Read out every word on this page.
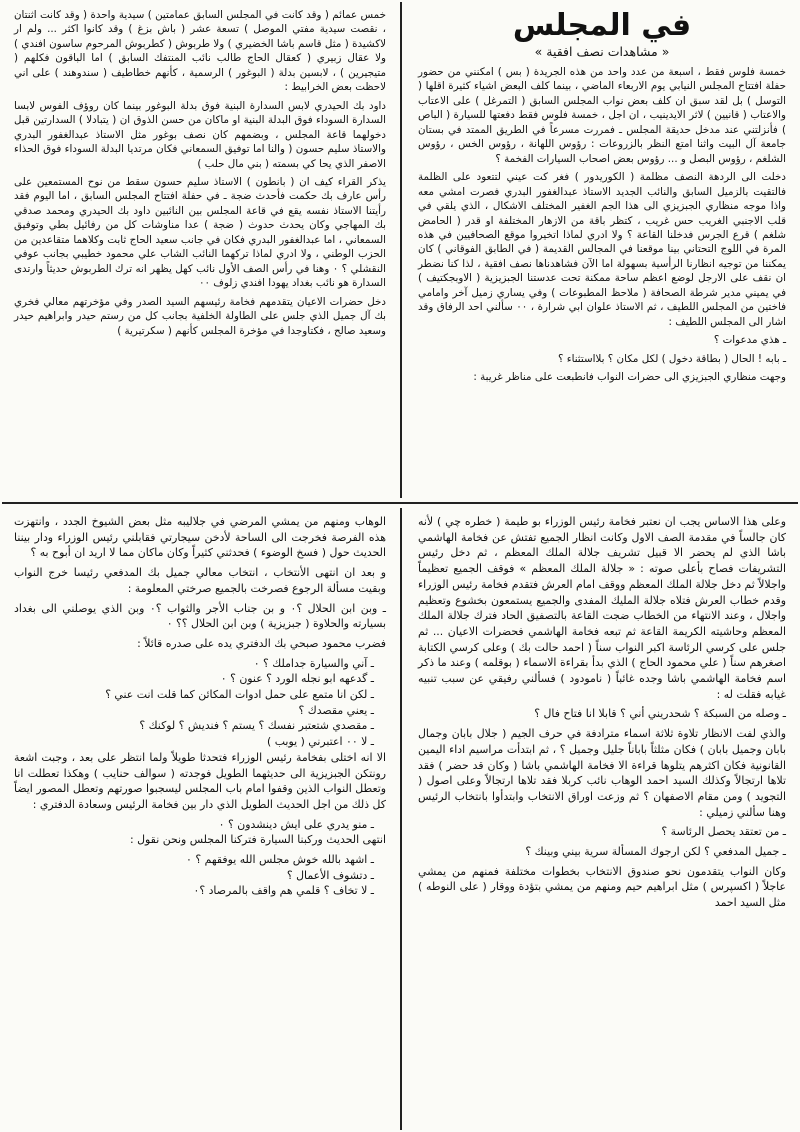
في المجلس
« مشاهدات نصف افقية »

خمسة فلوس فقط ، اسبعة من عدد واحد من هذه الجريدة ( بس ) امكنني من حضور حفلة افتتاح المجلس النيابي يوم الاربعاء الماضي ، بينما كلف البعض اشياء كثيرة اقلها ( التوسل ) بل لقد سبق ان كلف بعض نواب المجلس السابق ( التمرغل ) على الاعتاب والاعتاب ( قانيين ) لاثر الايدينيب ، ان اجل ، خمسة فلوس فقط دفعتها للسيارة ( الباص ) فأنزلتني عند مدخل حديقة المجلس ـ فمررت مسرعاً في الطريق الممتد في بستان جامعة آل البيت واثنا امتع النظر بالزروعات : رؤوس اللهانة ، رؤوس الخس ، رؤوس الشلغم ، رؤوس البصل و ... رؤوس بعض اصحاب السيارات الفخمة ؟

دخلت الى الردهة النصف مظلمة ( الكوريدور ) فغر كت عيني لتتعود على الظلمة فالتقيت بالزميل السابق والنائب الجديد الاستاذ عبدالغفور البدري فصرت امشي معه واذا موجه منظاري الجبزيزي الى هذا الجم الغفير المختلف الاشكال ، الذي يلقي في قلب الاجنبي الغريب حس غريب ، كتظر باقة من الازهار المختلفة او قدر ( الحامض شلغم ) قرع الجرس فدخلنا القاعة ؟ ولا ادري لماذا اتخيروا موقع الصحافيين في هذه المرة في اللوج التحتاني بينا موقعنا في المجالس القديمة ( في الطابق الفوقاني ) كان يمكننا من توجيه انظارنا الرأسية بسهولة اما الآن فشاهدناها نصف افقية ، لذا كنا نضطر ان نقف على الارجل لوضع اعظم ساحة ممكنة تحت عدستنا الجبزيزية ( الاوبجكتيف ) في يميني مدير شرطة الصحافة ( ملاحظ المطبوعات ) وفي يساري زميل آخر وامامي فاختين من المجلس اللطيف ، ثم الاستاذ علوان ابي شرارة ، ٠٠ سألني احد الرفاق وقد اشار الى المجلس اللطيف :

ـ هذي مدعوات ؟

ـ بابه ! الحال ( بطاقة دخول ) لكل مكان ؟ بلااستثناء ؟

وجهت منظاري الجبزيزي الى حضرات النواب فانطبعت على مناظر غريبة :

خمس عمائم ( وقد كانت في المجلس السابق عمامتين ) سيدية واحدة ( وقد كانت اثنتان ، نقصت سيدية مفتي الموصل ) تسعة عشر ( باش بزغ ) وقد كانوا اكثر ... ولم ار لاكشيدة ( مثل قاسم باشا الخضيري ) ولا طربوش ( كطربوش المرحوم ساسون افندي ) ولا عقال زبيري ( كعقال الحاج طالب نائب المنتفك السابق ) اما الباقون فكلهم ( متيجيرين ) ، لابسين بدلة ( البوغور ) الرسمية ، كأنهم خطاطيف ( سندوهند ) على اني لاحظت بعض الخرابيط :

داود بك الحيدري لابس السدارة البنية فوق بدلة البوغور بينما كان روؤف الفوس لابسا السدارة السوداء فوق البدلة البنية او ماكان من حسن الذوق ان ( يتبادلا ) السدارتين قبل دخولهما قاعة المجلس ، وبضمهم كان نصف بوغور مثل الاستاذ عبدالغفور البدري والاستاذ سليم حسون ( والنا اما توفيق السمعاني فكان مرتديا البدلة السوداء فوق الحذاء الاصفر الذي يحا كي بسمته ( بني مال حلب )

يذكر القراء كيف ان ( بانطون ) الاستاذ سليم حسون سقط من نوح المستمعين على رأس عارف بك حكمت فأحدث ضجة ـ في حفلة افتتاح المجلس السابق ، اما اليوم فقد رأيتنا الاستاذ نفسه يقع في قاعة المجلس بين النائبين داود بك الحيدري ومحمد صدقي بك المهاجي وكان يحدث حدوث ( ضجة ) عدا مناوشات كل من رفائيل بطي وتوفيق السمعاني ، اما عبدالغفور البدري فكان في جانب سعيد الحاج ثابت وكلاهما متقاعدين من الحزب الوطني ، ولا ادري لماذا تركهما النائب الشاب علي محمود خطيبي بجانب عوفي النقشلي ؟ ٠ وهنا في رأس الصف الأول نائب كهل يظهر انه ترك الطربوش حديثاً وارتدى السدارة هو نائب بغداد يهودا افندي زلوف ٠٠

دخل حضرات الاعيان يتقدمهم فخامة رئيسهم السيد الصدر وفي مؤخرتهم معالي فخري بك آل جميل الذي جلس على الطاولة الخلفية بجانب كل من رستم حيدر وابراهيم حيدر وسعيد صالح ، فكتاوجدا في مؤخرة المجلس كأنهم ( سكرتيرية )

وعلى هذا الاساس يجب ان نعتبر فخامة رئيس الوزراء بو طيمة ( خطره چي ) لأنه كان جالساً في مقدمة الصف الاول وكانت انظار الجميع تفتش عن فخامة الهاشمي باشا الذي لم يحضر الا قبيل تشريف جلالة الملك المعظم ، ثم دخل رئيس التشريفات فصاح بأعلى صوته : « جلالة الملك المعظم » فوقف الجميع تعظيماً واجلالاً ثم دخل جلالة الملك المعظم ووقف امام العرش فتقدم فخامة رئيس الوزراء وقدم خطاب العرش فتلاه جلالة المليك المفدى والجميع يستمعون بخشوع وتعظيم واجلال ، وعند الانتهاء من الخطاب ضجت القاعة بالتصفيق الحاد فترك جلالة الملك المعظم وحاشيته الكريمة القاعة ثم تبعه فخامة الهاشمي فحضرات الاعيان ... ثم جلس على كرسي الرئاسة اكبر النواب سناً ( احمد حالت بك ) وعلى كرسي الكتابة اصغرهم سناً ( علي محمود الحاج ) الذي بدأ بقراءة الاسماء ( بوقلمه ) وعند ما ذكر اسم فخامة الهاشمي باشا وجده غائباً ( نامودود ) فسألني رفيقي عن سبب تنبيه غيابه فقلت له :

ـ وصله من السبكة ؟ شحدريني أني ؟ قابلا انا فتاح فال ؟

والذي لفت الانظار تلاوة ثلاثة اسماء مترادفة في حرف الجيم ( جلال بابان وجمال بابان وجميل بابان ) فكان مثلثاً باباناً جليل وجميل ؟ ، ثم ابتدأت مراسيم اداء اليمين القانونية فكان اكثرهم يتلوها قراءة الا فخامة الهاشمي باشا ( وكان قد حضر ) فقد تلاها ارتجالاً وكذلك السيد احمد الوهاب نائب كربلا فقد تلاها ارتجالاً وعلى اصول ( التجويد ) ومن مقام الاصفهان ؟ ثم وزعت اوراق الانتخاب وابتدأوا بانتخاب الرئيس وهنا سألني زميلي :

ـ من تعتقد يحصل الرئاسة ؟

ـ جميل المدفعي ؟ لكن ارجوك المسألة سرية بيني وبينك ؟

وكان النواب يتقدمون نحو صندوق الانتخاب بخطوات مختلفة فمنهم من يمشي عاجلاً ( اكسپرس ) مثل ابراهيم حيم ومنهم من يمشي بتؤدة ووقار ( على النوطه ) مثل السيد احمد

الوهاب ومنهم من يمشي المرضي في جلاليبه مثل بعض الشيوخ الجدد ، وانتهزت هذه الفرصة فخرجت الى الساحة لأدخن سيجارتي فقابلني رئيس الوزراء ودار بيننا الحديث حول ( فسخ الوضوء ) فحدثني كثيراً وكان ماكان مما لا اريد ان أبوح به ؟

و بعد ان انتهى الأنتخاب ، انتخاب معالي جميل بك المدفعي رئيسا خرج النواب وبقيت مسألة الرجوع فصرخت بالجميع صرختي المعلومة :

ـ وبن ابن الحلال ؟٠ و بن جناب الأجر والثواب ؟٠ وبن الذي يوصلني الى بغداد بسيارته والحلاوة ( جبزيزية ) وبن ابن الحلال ؟؟ ٠

فضرب محمود صبحي بك الدفتري يده على صدره قائلاً :

ـ آني والسيارة جداملك ؟ ٠

ـ گدعهه ابو نجله الورد ؟ عنون ؟ ٠

ـ لكن انا متمع على حمل ادوات المكائن كما قلت انت عني ؟

ـ يعني مقصدك ؟

ـ مقصدي شتعتبر نفسك ؟ يستم ؟ فنديش ؟ لوكنك ؟

ـ لا ٠٠ اعتبرني ( يوبب )

الا انه اختلى بفخامة رئيس الوزراء فتحدثا طويلاً ولما انتظر على بعد ، وجبت اشعة رونتكن الجبزيزية الى حديثهما الطويل فوجدته ( سوالف حنايب ) وهكذا تعطلت انا وتعطل النواب الذين وقفوا امام باب المجلس ليسجبوا صورتهم وتعطل المصور ايضاً كل ذلك من اجل الحديث الطويل الذي دار بين فخامة الرئيس وسعادة الدفتري :

ـ منو يدري على ايش دينشدون ؟ ٠

انتهى الحديث وركبنا السيارة فتركنا المجلس ونحن نقول :

ـ اشهد بالله خوش مجلس الله يوفقهم ؟ ٠

ـ دتشوف الأعمال ؟

ـ لا تخاف ؟ قلمي هم واقف بالمرصاد ؟٠
